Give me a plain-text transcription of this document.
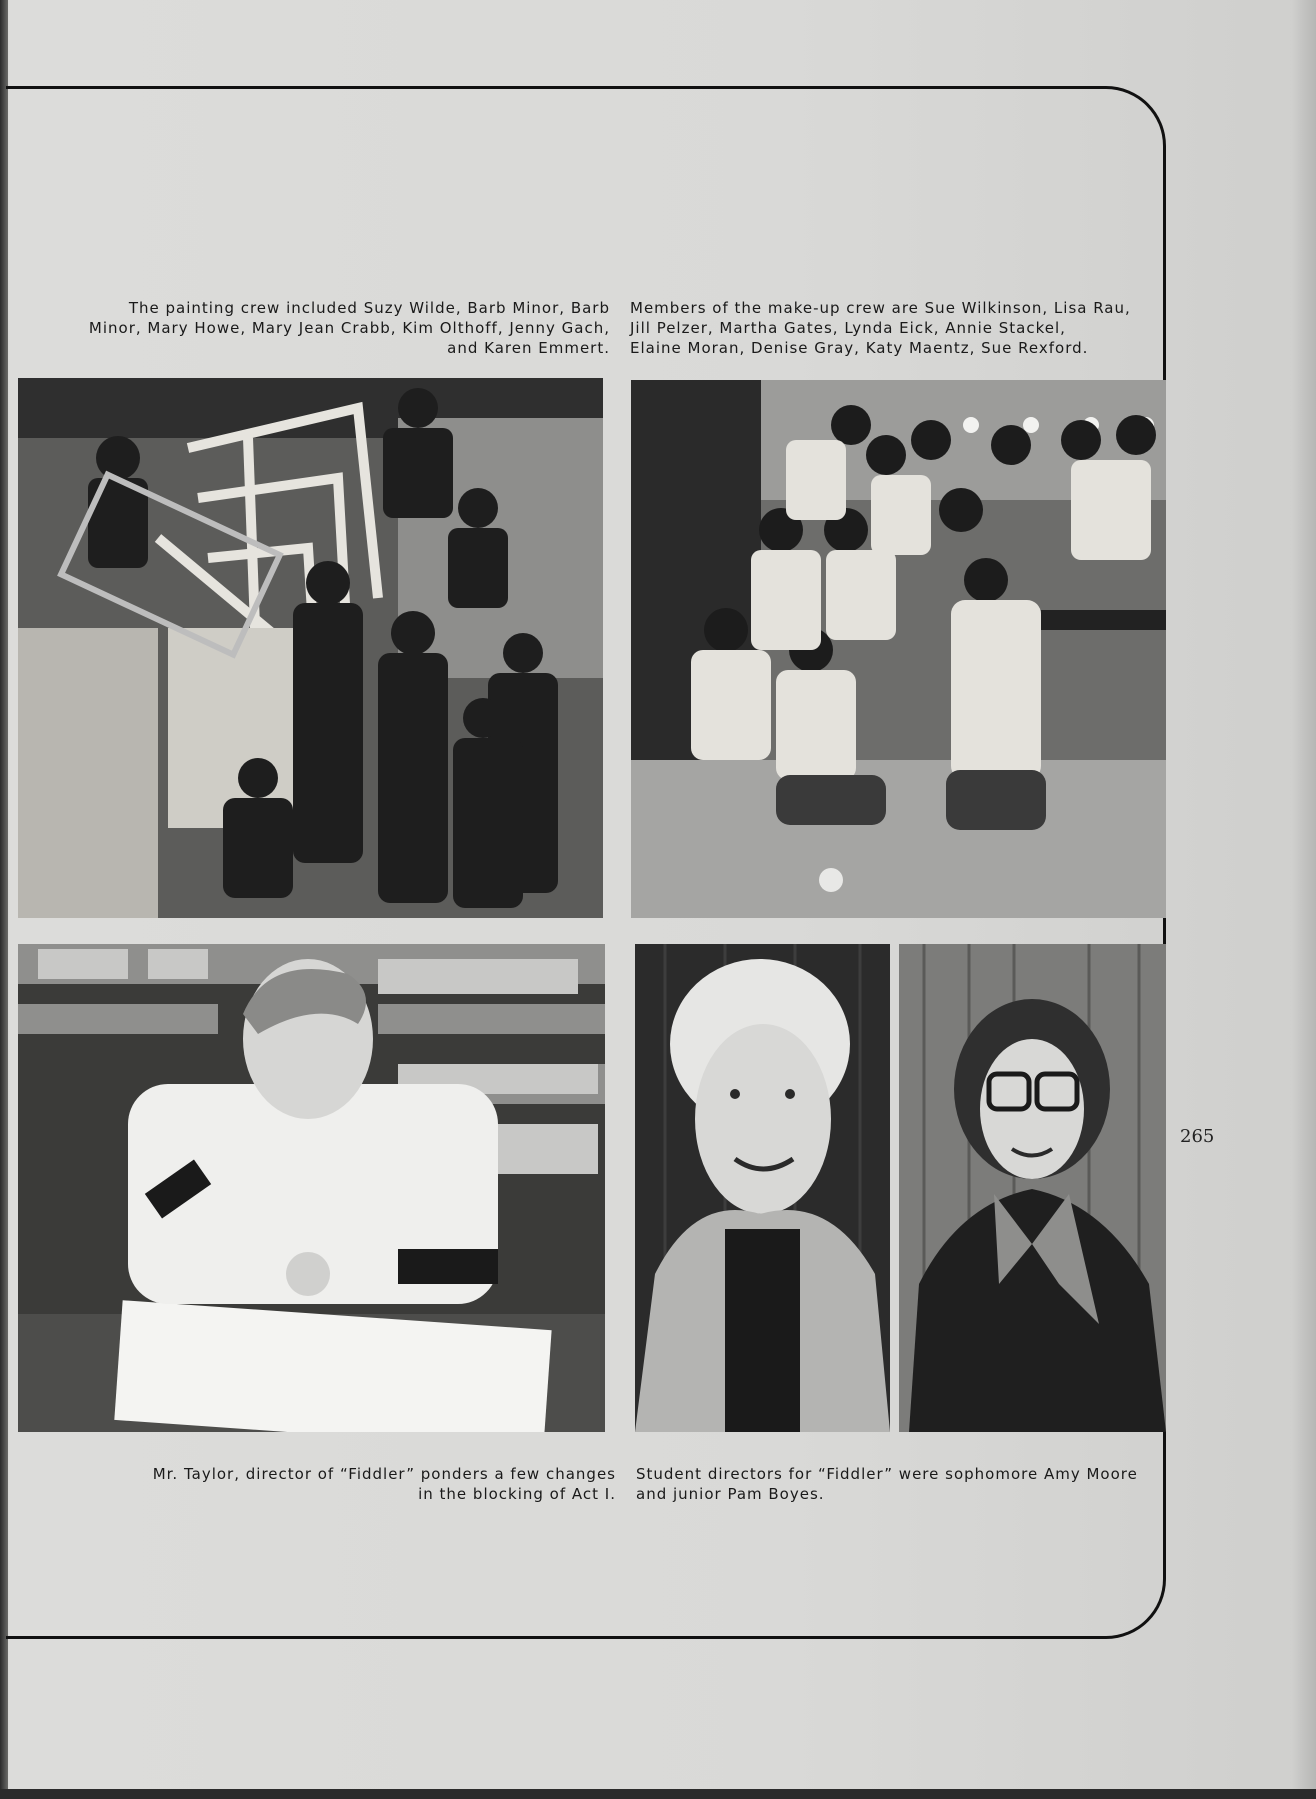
The painting crew included Suzy Wilde, Barb Minor, Barb
Minor, Mary Howe, Mary Jean Crabb, Kim Olthoff, Jenny Gach,
and Karen Emmert.
Members of the make-up crew are Sue Wilkinson, Lisa Rau,
Jill Pelzer, Martha Gates, Lynda Eick, Annie Stackel,
Elaine Moran, Denise Gray, Katy Maentz, Sue Rexford.
Mr. Taylor, director of “Fiddler” ponders a few changes
in the blocking of Act I.
Student directors for “Fiddler” were sophomore Amy Moore
and junior Pam Boyes.
265
